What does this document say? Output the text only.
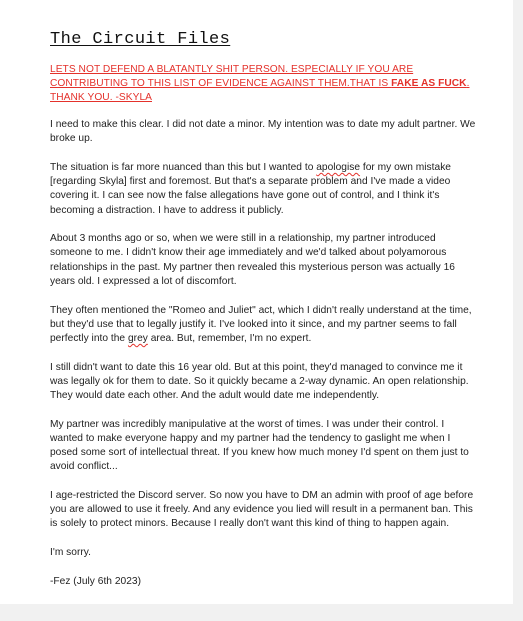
The Circuit Files
LETS NOT DEFEND A BLATANTLY SHIT PERSON. ESPECIALLY IF YOU ARE CONTRIBUTING TO THIS LIST OF EVIDENCE AGAINST THEM.THAT IS FAKE AS FUCK. THANK YOU. -SKYLA

I need to make this clear. I did not date a minor. My intention was to date my adult partner. We broke up.

The situation is far more nuanced than this but I wanted to apologise for my own mistake [regarding Skyla] first and foremost. But that's a separate problem and I've made a video covering it. I can see now the false allegations have gone out of control, and I think it's becoming a distraction. I have to address it publicly.

About 3 months ago or so, when we were still in a relationship, my partner introduced someone to me. I didn't know their age immediately and we'd talked about polyamorous relationships in the past. My partner then revealed this mysterious person was actually 16 years old. I expressed a lot of discomfort.

They often mentioned the "Romeo and Juliet" act, which I didn't really understand at the time, but they'd use that to legally justify it. I've looked into it since, and my partner seems to fall perfectly into the grey area. But, remember, I'm no expert.

I still didn't want to date this 16 year old. But at this point, they'd managed to convince me it was legally ok for them to date. So it quickly became a 2-way dynamic. An open relationship. They would date each other. And the adult would date me independently.

My partner was incredibly manipulative at the worst of times. I was under their control. I wanted to make everyone happy and my partner had the tendency to gaslight me when I posed some sort of intellectual threat. If you knew how much money I'd spent on them just to avoid conflict...

I age-restricted the Discord server. So now you have to DM an admin with proof of age before you are allowed to use it freely. And any evidence you lied will result in a permanent ban. This is solely to protect minors. Because I really don't want this kind of thing to happen again.

I'm sorry.

-Fez (July 6th 2023)
